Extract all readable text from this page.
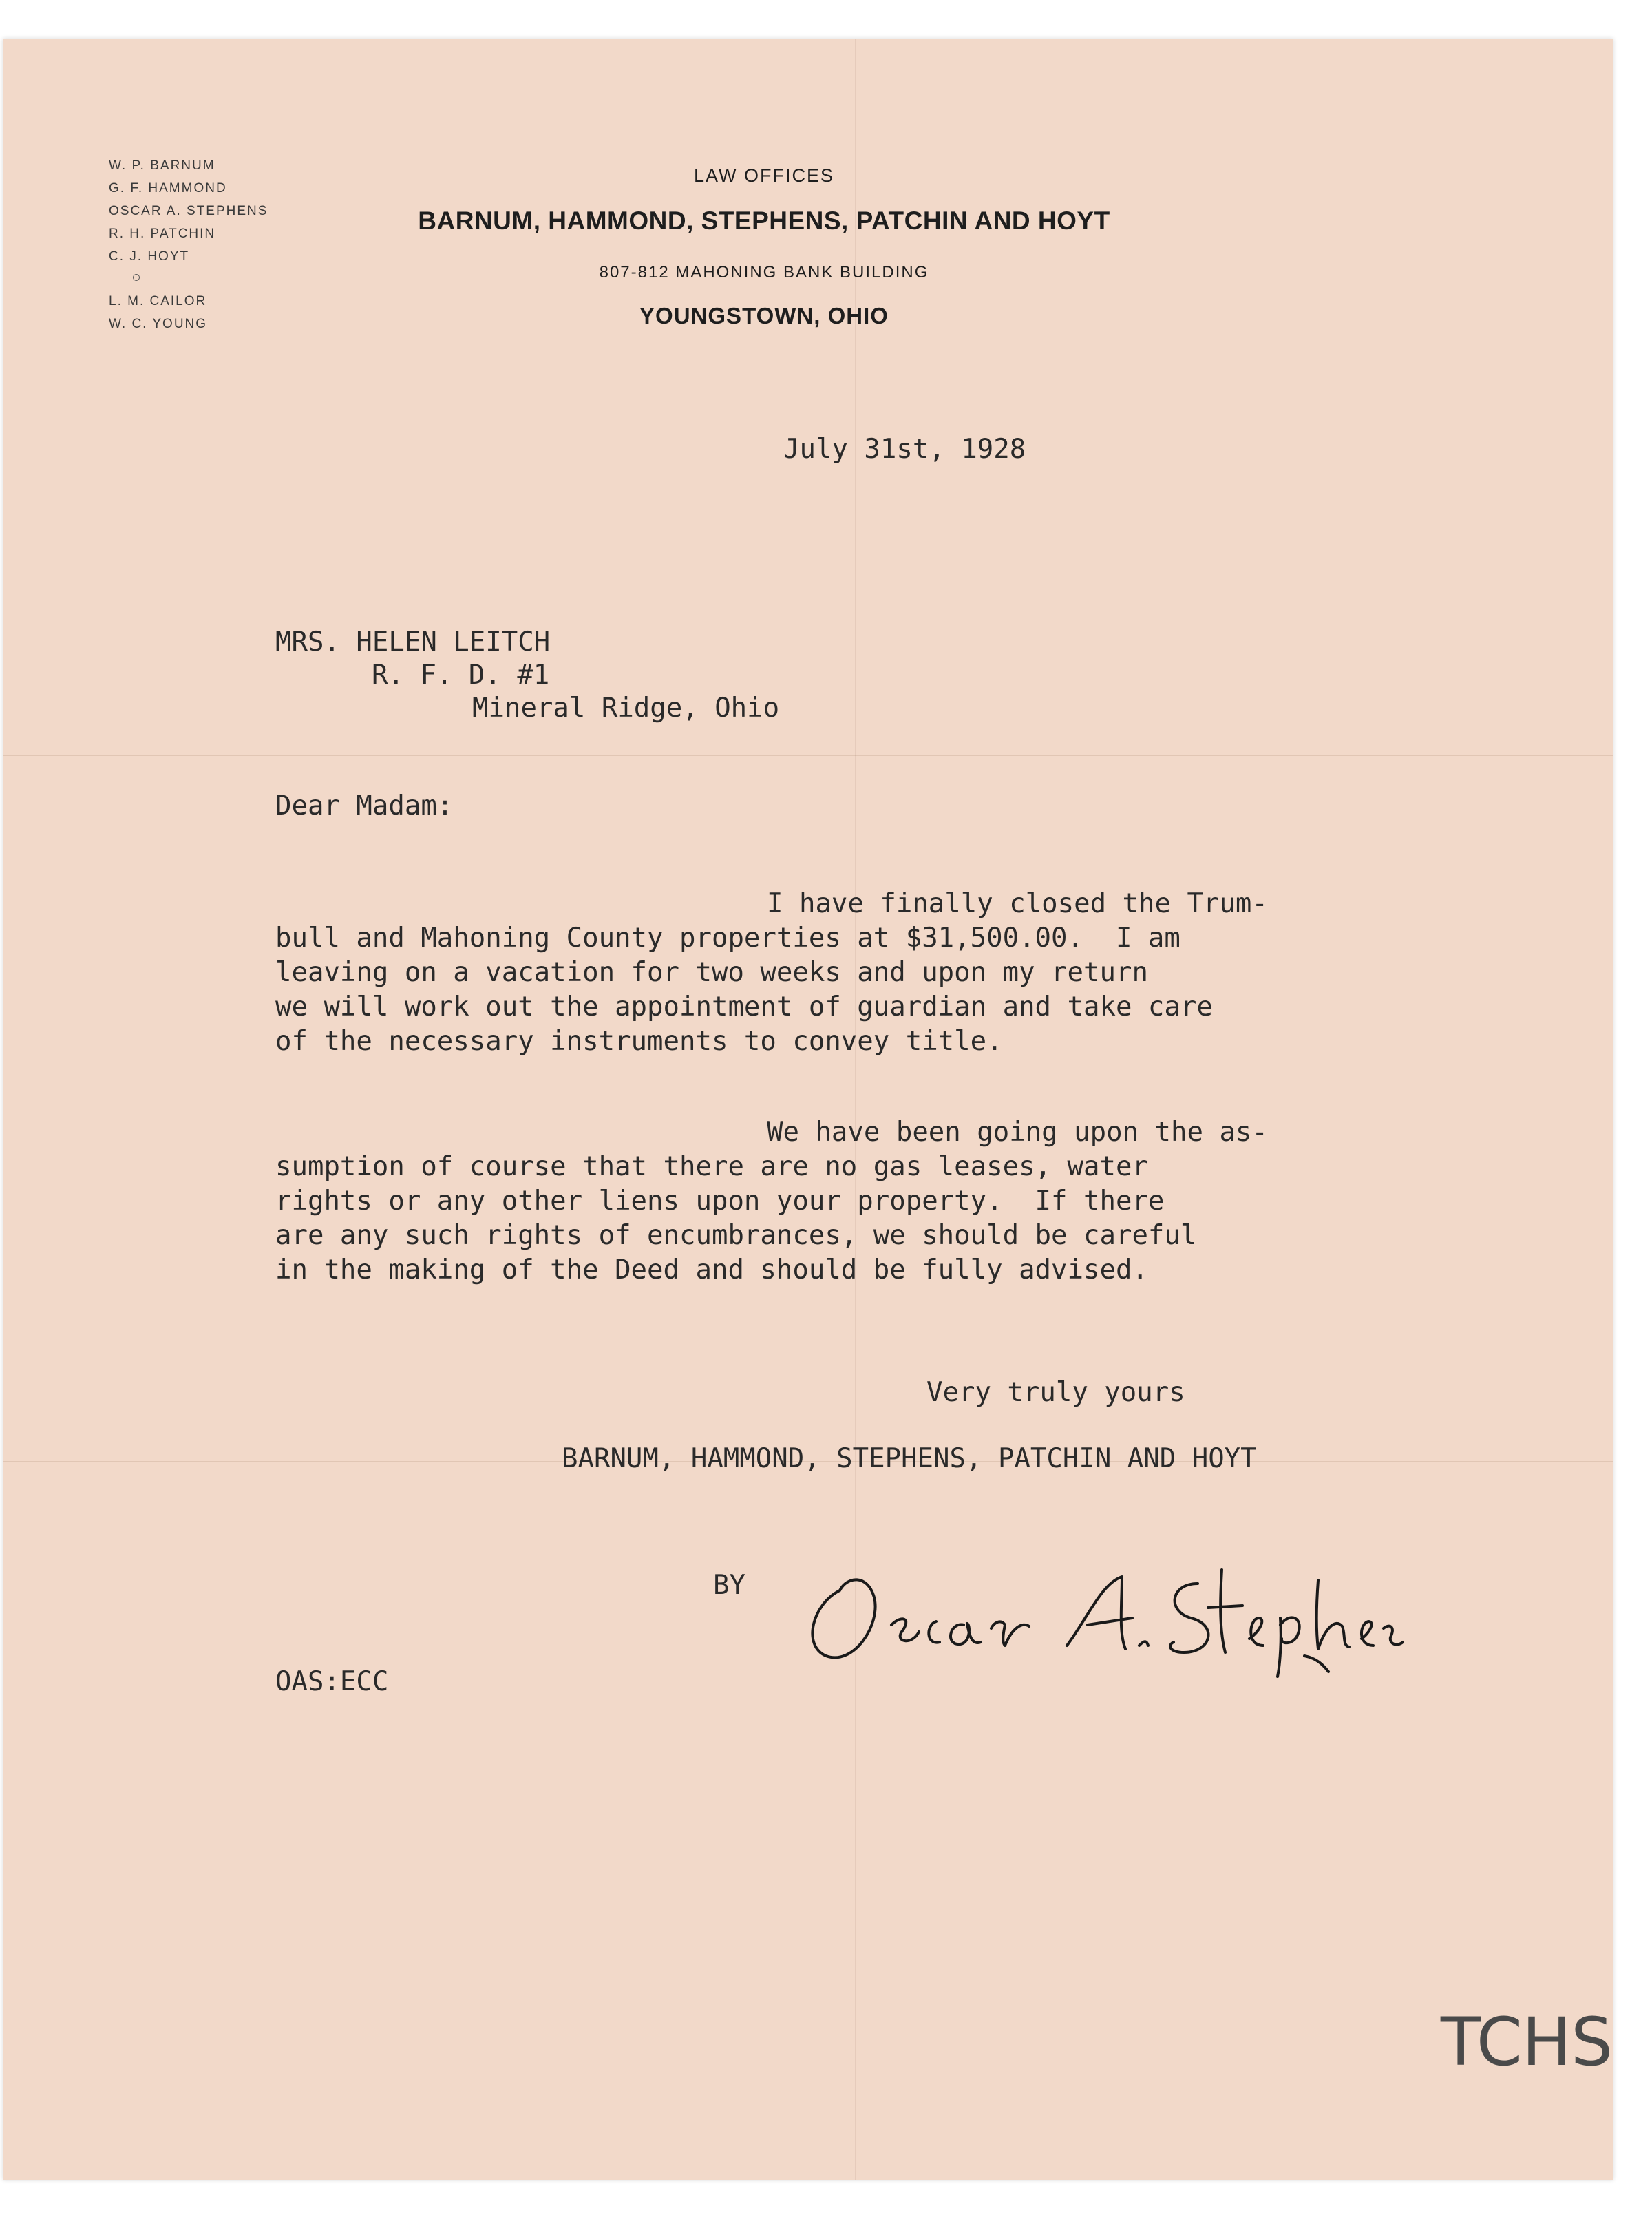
W. P. BARNUM
G. F. HAMMOND
OSCAR A. STEPHENS
R. H. PATCHIN
C. J. HOYT
L. M. CAILOR
W. C. YOUNG
LAW OFFICES
BARNUM, HAMMOND, STEPHENS, PATCHIN AND HOYT
807-812 MAHONING BANK BUILDING
YOUNGSTOWN, OHIO
July 31st, 1928
MRS. HELEN LEITCH
R. F. D. #1
Mineral Ridge, Ohio
Dear Madam:
I have finally closed the Trum-
bull and Mahoning County properties at $31,500.00.  I am
leaving on a vacation for two weeks and upon my return
we will work out the appointment of guardian and take care
of the necessary instruments to convey title.
We have been going upon the as-
sumption of course that there are no gas leases, water
rights or any other liens upon your property.  If there
are any such rights of encumbrances, we should be careful
in the making of the Deed and should be fully advised.
Very truly yours
BARNUM, HAMMOND, STEPHENS, PATCHIN AND HOYT
BY
OAS:ECC
TCHS
